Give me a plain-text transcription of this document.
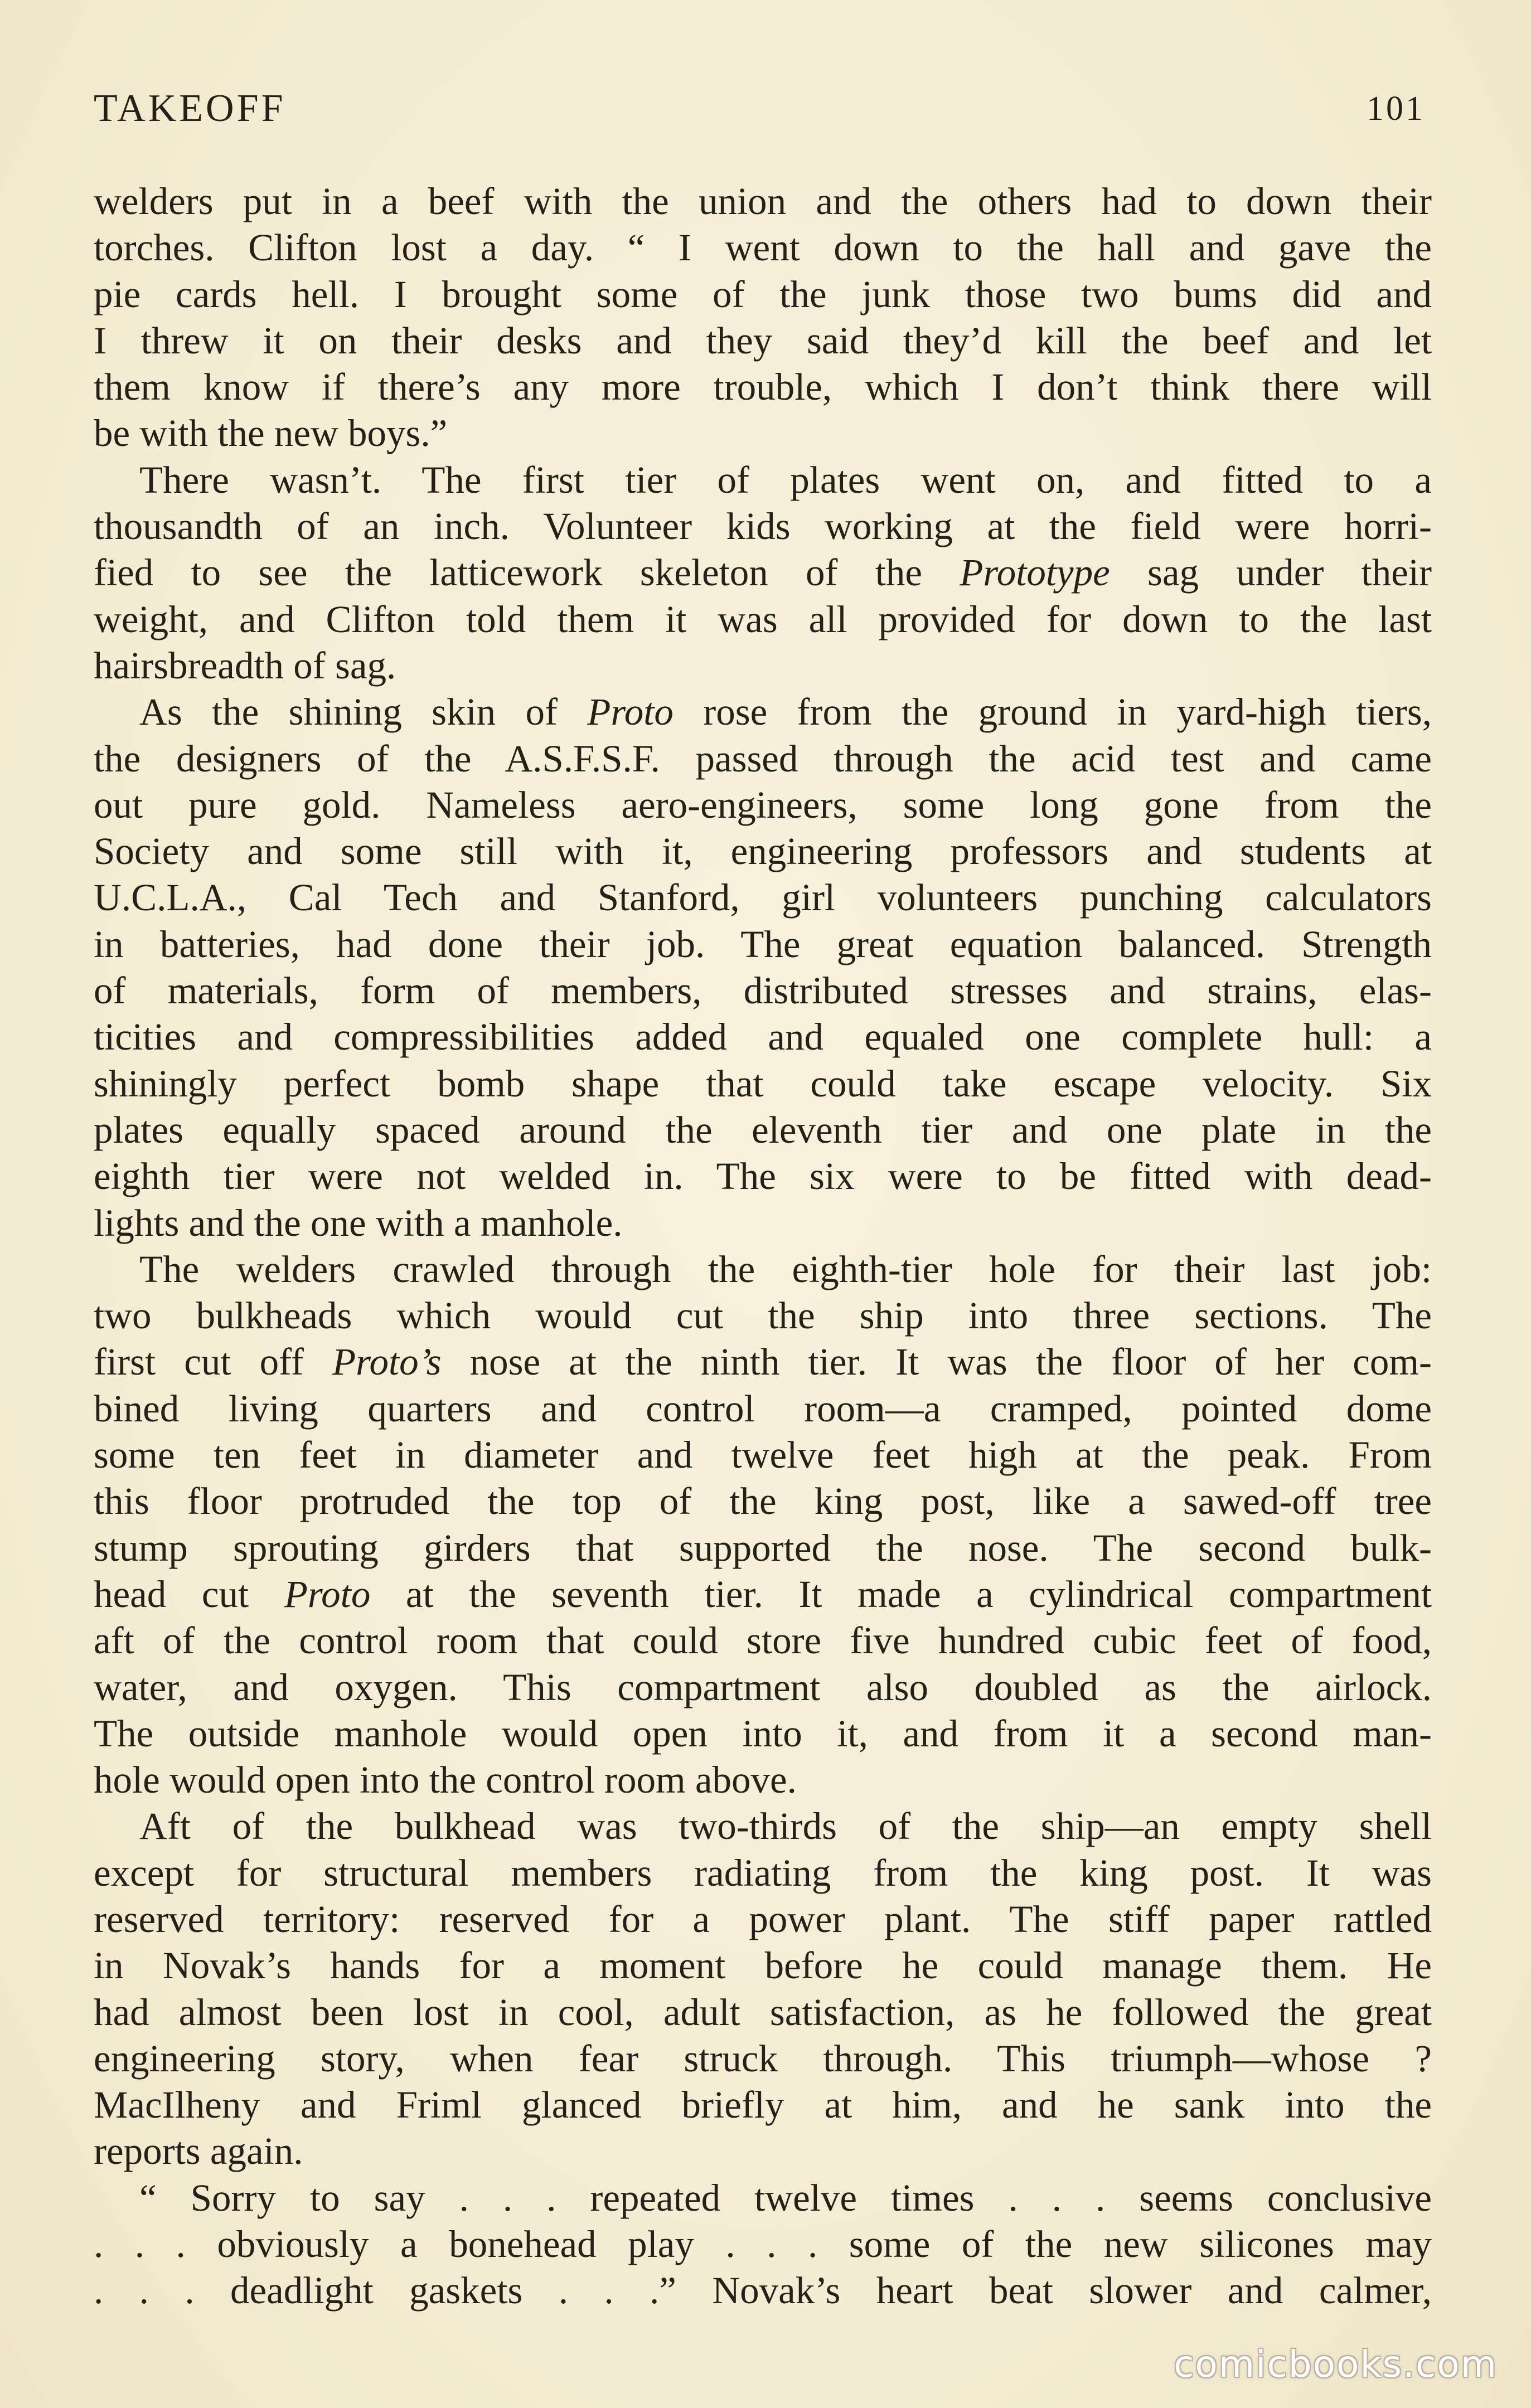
TAKEOFF	101
welders put in a beef with the union and the others had to down their
torches. Clifton lost a day. “ I went down to the hall and gave the
pie cards hell. I brought some of the junk those two bums did and
I threw it on their desks and they said they’d kill the beef and let
them know if there’s any more trouble, which I don’t think there will
be with the new boys.”
There wasn’t. The first tier of plates went on, and fitted to a
thousandth of an inch. Volunteer kids working at the field were horri-
fied to see the latticework skeleton of the Prototype sag under their
weight, and Clifton told them it was all provided for down to the last
hairsbreadth of sag.
As the shining skin of Proto rose from the ground in yard-high tiers,
the designers of the A.S.F.S.F. passed through the acid test and came
out pure gold. Nameless aero-engineers, some long gone from the
Society and some still with it, engineering professors and students at
U.C.L.A., Cal Tech and Stanford, girl volunteers punching calculators
in batteries, had done their job. The great equation balanced. Strength
of materials, form of members, distributed stresses and strains, elas-
ticities and compressibilities added and equaled one complete hull: a
shiningly perfect bomb shape that could take escape velocity. Six
plates equally spaced around the eleventh tier and one plate in the
eighth tier were not welded in. The six were to be fitted with dead-
lights and the one with a manhole.
The welders crawled through the eighth-tier hole for their last job:
two bulkheads which would cut the ship into three sections. The
first cut off Proto’s nose at the ninth tier. It was the floor of her com-
bined living quarters and control room—a cramped, pointed dome
some ten feet in diameter and twelve feet high at the peak. From
this floor protruded the top of the king post, like a sawed-off tree
stump sprouting girders that supported the nose. The second bulk-
head cut Proto at the seventh tier. It made a cylindrical compartment
aft of the control room that could store five hundred cubic feet of food,
water, and oxygen. This compartment also doubled as the airlock.
The outside manhole would open into it, and from it a second man-
hole would open into the control room above.
Aft of the bulkhead was two-thirds of the ship—an empty shell
except for structural members radiating from the king post. It was
reserved territory: reserved for a power plant. The stiff paper rattled
in Novak’s hands for a moment before he could manage them. He
had almost been lost in cool, adult satisfaction, as he followed the great
engineering story, when fear struck through. This triumph—whose ?
MacIlheny and Friml glanced briefly at him, and he sank into the
reports again.
“ Sorry to say . . . repeated twelve times . . . seems conclusive
. . . obviously a bonehead play . . . some of the new silicones may
. . . deadlight gaskets . . .” Novak’s heart beat slower and calmer,
comicbooks.com
